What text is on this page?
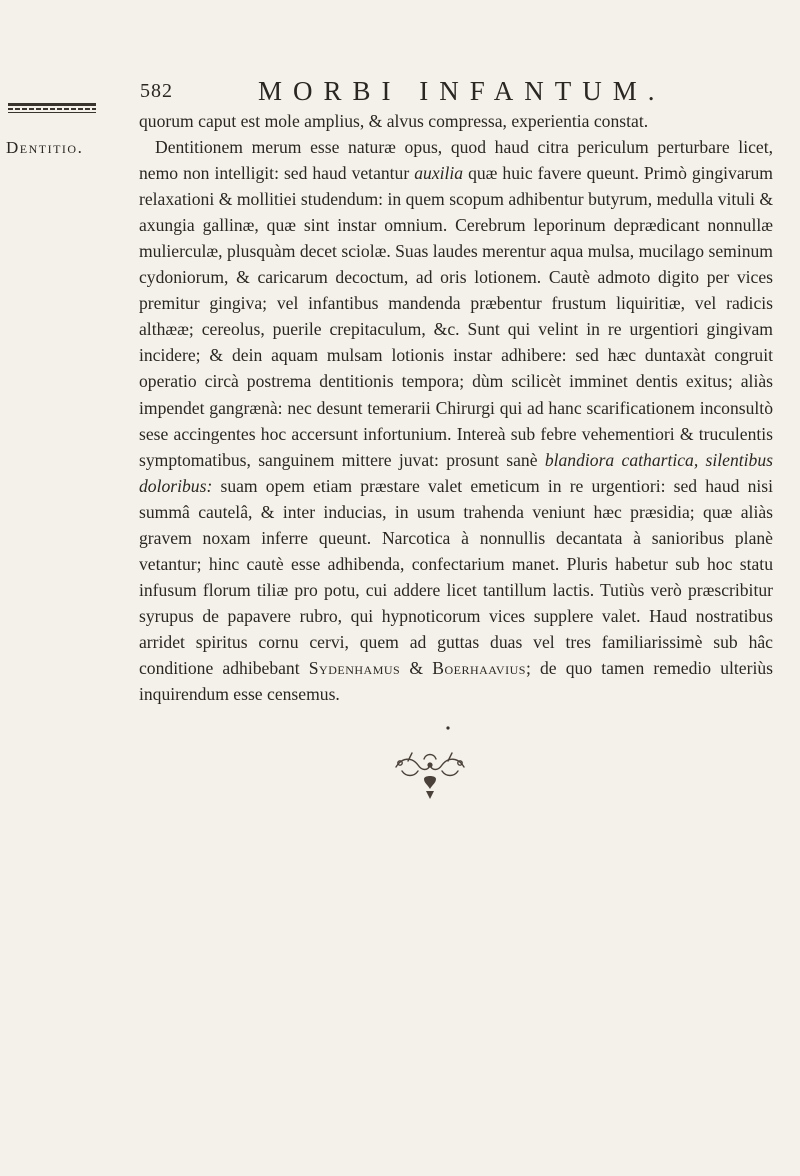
582	MORBI INFANTUM.
Dentitio.

quorum caput est mole amplius, & alvus compressa, experientia constat.

Dentitionem merum esse naturæ opus, quod haud citra periculum perturbare licet, nemo non intelligit: sed haud vetantur auxilia quæ huic favere queunt. Primò gingivarum relaxationi & mollitiei studendum: in quem scopum adhibentur butyrum, medulla vituli & axungia gallinæ, quæ sint instar omnium. Cerebrum leporinum deprædicant nonnullæ mulierculæ, plusquàm decet sciolæ. Suas laudes merentur aqua mulsa, mucilago seminum cydoniorum, & caricarum decoctum, ad oris lotionem. Cautè admoto digito per vices premitur gingiva; vel infantibus mandenda præbentur frustum liquiritiæ, vel radicis althææ; cereolus, puerile crepitaculum, &c. Sunt qui velint in re urgentiori gingivam incidere; & dein aquam mulsam lotionis instar adhibere: sed hæc duntaxàt congruit operatio circà postrema dentitionis tempora; dùm scilicèt imminet dentis exitus; aliàs impendet gangrænà: nec desunt temerarii Chirurgi qui ad hanc scarificationem inconsultò sese accingentes hoc accersunt infortunium. Intereà sub febre vehementiori & truculentis symptomatibus, sanguinem mittere juvat: prosunt sanè blandiora cathartica, silentibus doloribus: suam opem etiam præstare valet emeticum in re urgentiori: sed haud nisi summâ cautelâ, & inter inducias, in usum trahenda veniunt hæc præsidia; quæ aliàs gravem noxam inferre queunt. Narcotica à nonnullis decantata à sanioribus planè vetantur; hinc cautè esse adhibenda, confectarium manet. Pluris habetur sub hoc statu infusum florum tiliæ pro potu, cui addere licet tantillum lactis. Tutiùs verò præscribitur syrupus de papavere rubro, qui hypnoticorum vices supplere valet. Haud nostratibus arridet spiritus cornu cervi, quem ad guttas duas vel tres familiarissimè sub hâc conditione adhibebant Sydenhamus & Boerhaavius; de quo tamen remedio ulteriùs inquirendum esse censemus.
